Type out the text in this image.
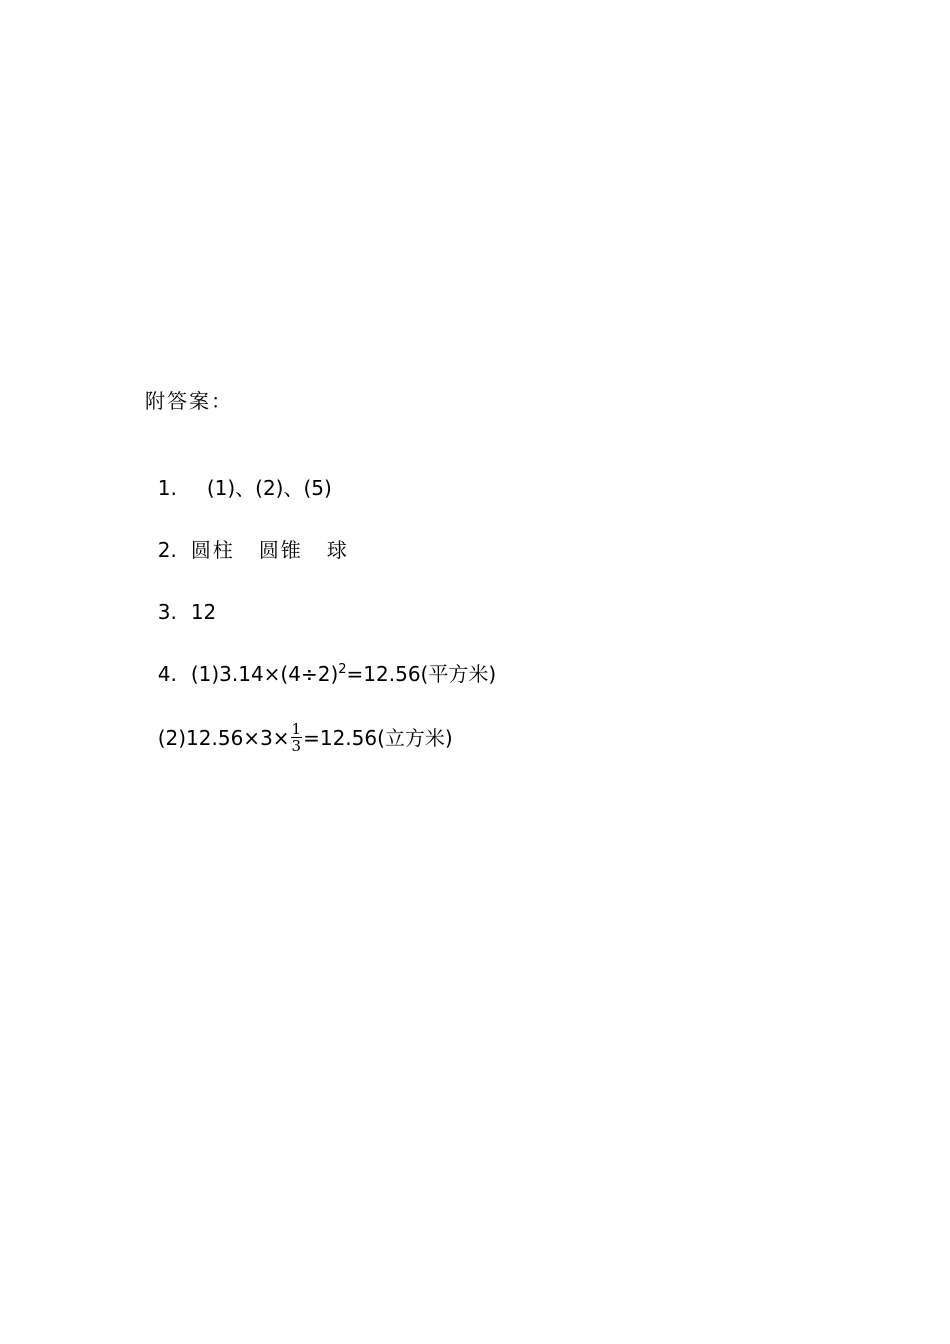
附答案：

1. (1)、(2)、(5)

2. 圆柱 圆锥 球

3. 12

4. $(1)3.14\times(4\div 2)^2=12.56$(平方米)

$(2)12.56\times 3\times \frac{1}{3} =12.56$(立方米)
